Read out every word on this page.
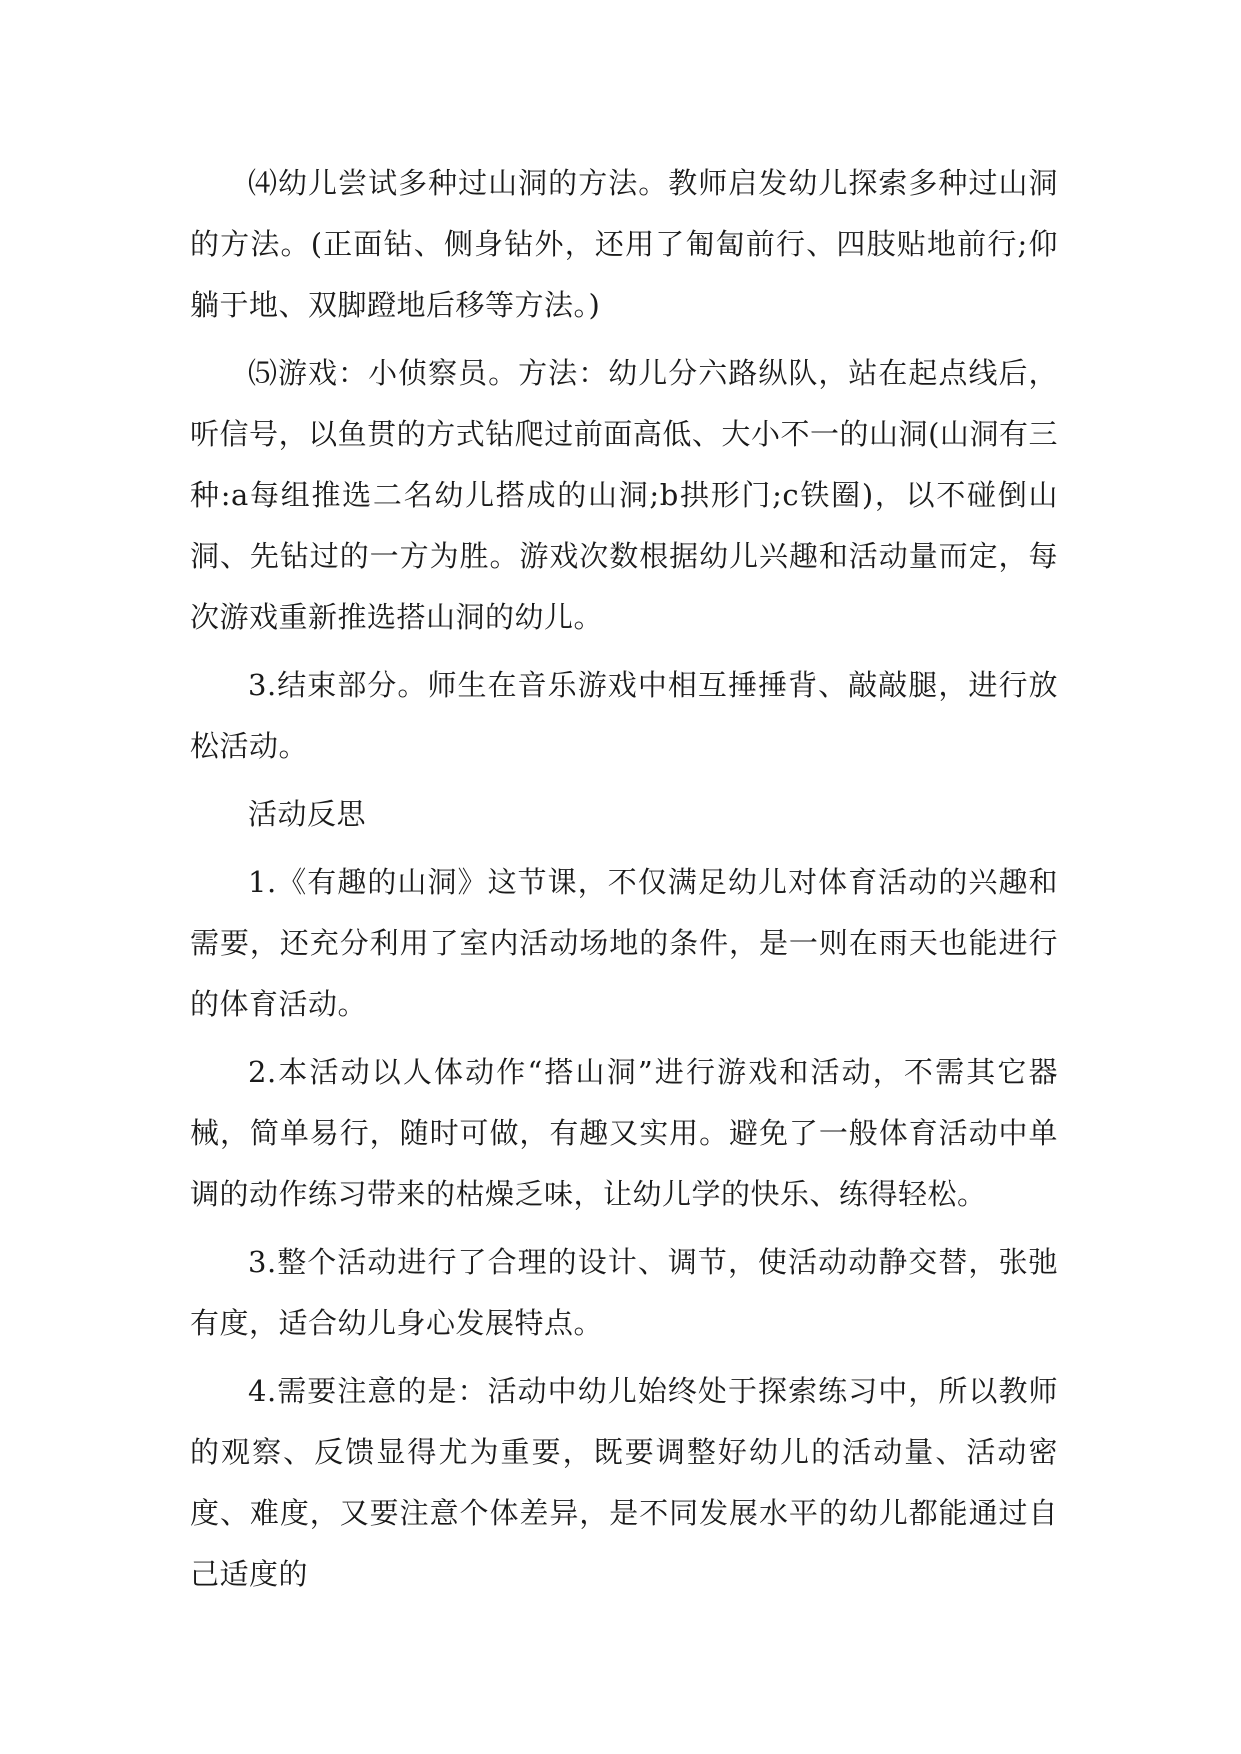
⑷幼儿尝试多种过山洞的方法。教师启发幼儿探索多种过山洞的方法。(正面钻、侧身钻外，还用了匍匐前行、四肢贴地前行;仰躺于地、双脚蹬地后移等方法。)

⑸游戏：小侦察员。方法：幼儿分六路纵队，站在起点线后，听信号，以鱼贯的方式钻爬过前面高低、大小不一的山洞(山洞有三种:a每组推选二名幼儿搭成的山洞;b拱形门;c铁圈)，以不碰倒山洞、先钻过的一方为胜。游戏次数根据幼儿兴趣和活动量而定，每次游戏重新推选搭山洞的幼儿。

3.结束部分。师生在音乐游戏中相互捶捶背、敲敲腿，进行放松活动。

活动反思

1.《有趣的山洞》这节课，不仅满足幼儿对体育活动的兴趣和需要，还充分利用了室内活动场地的条件，是一则在雨天也能进行的体育活动。

2.本活动以人体动作“搭山洞”进行游戏和活动，不需其它器械，简单易行，随时可做，有趣又实用。避免了一般体育活动中单调的动作练习带来的枯燥乏味，让幼儿学的快乐、练得轻松。

3.整个活动进行了合理的设计、调节，使活动动静交替，张弛有度，适合幼儿身心发展特点。

4.需要注意的是：活动中幼儿始终处于探索练习中，所以教师的观察、反馈显得尤为重要，既要调整好幼儿的活动量、活动密度、难度，又要注意个体差异，是不同发展水平的幼儿都能通过自己适度的
